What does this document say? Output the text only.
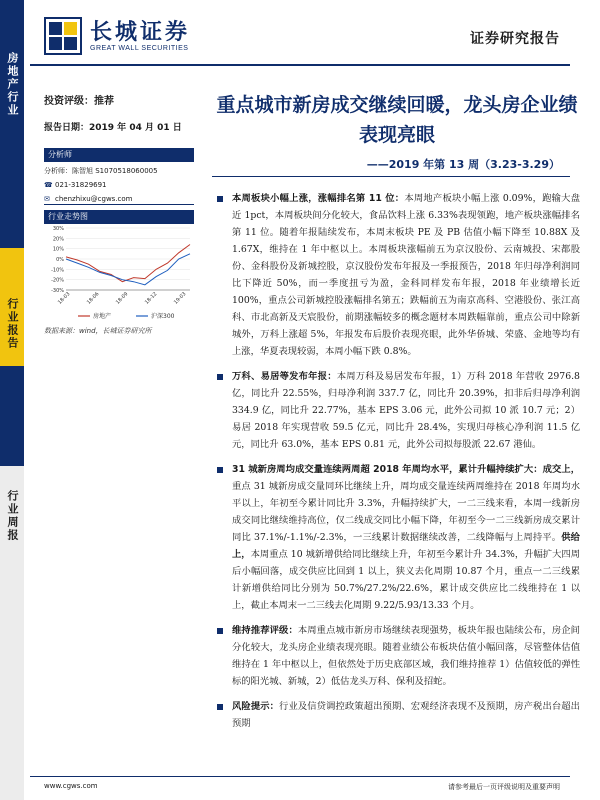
房地产行业
行业报告
行业周报
长城证券
GREAT WALL SECURITIES
证券研究报告
投资评级：推荐
报告日期：2019 年 04 月 01 日
分析师
分析师：陈智旭 S1070518060005
☎ 021-31829691
✉ chenzhixu@cgws.com
行业走势图
30%
20%
10%
0%
-10%
-20%
-30%
18-03	18-06	18-09	18-12	19-03
房地产	沪深300
数据来源：wind，长城证券研究所
重点城市新房成交继续回暖，龙头房企业绩表现亮眼
——2019 年第 13 周（3.23-3.29）

本周板块小幅上涨，涨幅排名第 11 位：本周地产板块小幅上涨 0.09%，跑输大盘近 1pct，本周板块间分化较大，食品饮料上涨 6.33%表现领跑，地产板块涨幅排名第 11 位。随着年报陆续发布，本周末板块 PE 及 PB 估值小幅下降至 10.88X 及 1.67X，维持在 1 年中枢以上。本周板块涨幅前五为京汉股份、云南城投、宋都股份、金科股份及新城控股，京汉股份发布年报及一季报预告，2018 年归母净利润同比下降近 50%，而一季度扭亏为盈，金科同样发布年报，2018 年业绩增长近 100%，重点公司新城控股涨幅排名第五；跌幅前五为南京高科、空港股份、张江高科、市北高新及天宸股份，前期涨幅较多的概念题材本周跌幅靠前，重点公司中除新城外，万科上涨超 5%，年报发布后股价表现亮眼，此外华侨城、荣盛、金地等均有上涨，华夏表现较弱，本周小幅下跌 0.8%。

万科、易居等发布年报：本周万科及易居发布年报，1）万科 2018 年营收 2976.8 亿，同比升 22.55%，归母净利润 337.7 亿，同比升 20.39%，扣非后归母净利润 334.9 亿，同比升 22.77%，基本 EPS 3.06 元，此外公司拟 10 派 10.7 元；2）易居 2018 年实现营收 59.5 亿元，同比升 28.4%，实现归母核心净利润 11.5 亿元，同比升 63.0%，基本 EPS 0.81 元，此外公司拟每股派 22.67 港仙。

31 城新房周均成交量连续两周超 2018 年周均水平，累计升幅持续扩大：成交上，重点 31 城新房成交量同环比继续上升，周均成交量连续两周维持在 2018 年周均水平以上，年初至今累计同比升 3.3%，升幅持续扩大，一二三线来看，本周一线新房成交同比继续维持高位，仅二线成交同比小幅下降，年初至今一二三线新房成交累计同比 37.1%/-1.1%/-2.3%，一三线累计数据继续改善，二线降幅与上周持平。供给上，本周重点 10 城新增供给同比继续上升，年初至今累计升 34.3%，升幅扩大四周后小幅回落，成交供应比回到 1 以上，狭义去化周期 10.87 个月，重点一二三线累计新增供给同比分别为 50.7%/27.2%/22.6%，累计成交供应比二线维持在 1 以上，截止本周末一二三线去化周期 9.22/5.93/13.33 个月。

维持推荐评级：本周重点城市新房市场继续表现强势，板块年报也陆续公布，房企间分化较大，龙头房企业绩表现亮眼。随着业绩公布板块估值小幅回落，尽管整体估值维持在 1 年中枢以上，但依然处于历史底部区域，我们维持推荐 1）估值较低的弹性标的阳光城、新城，2）低估龙头万科、保利及招蛇。

风险提示：行业及信贷调控政策超出预期、宏观经济表现不及预期，房产税出台超出预期

www.cgws.com	请参考最后一页评级说明及重要声明
